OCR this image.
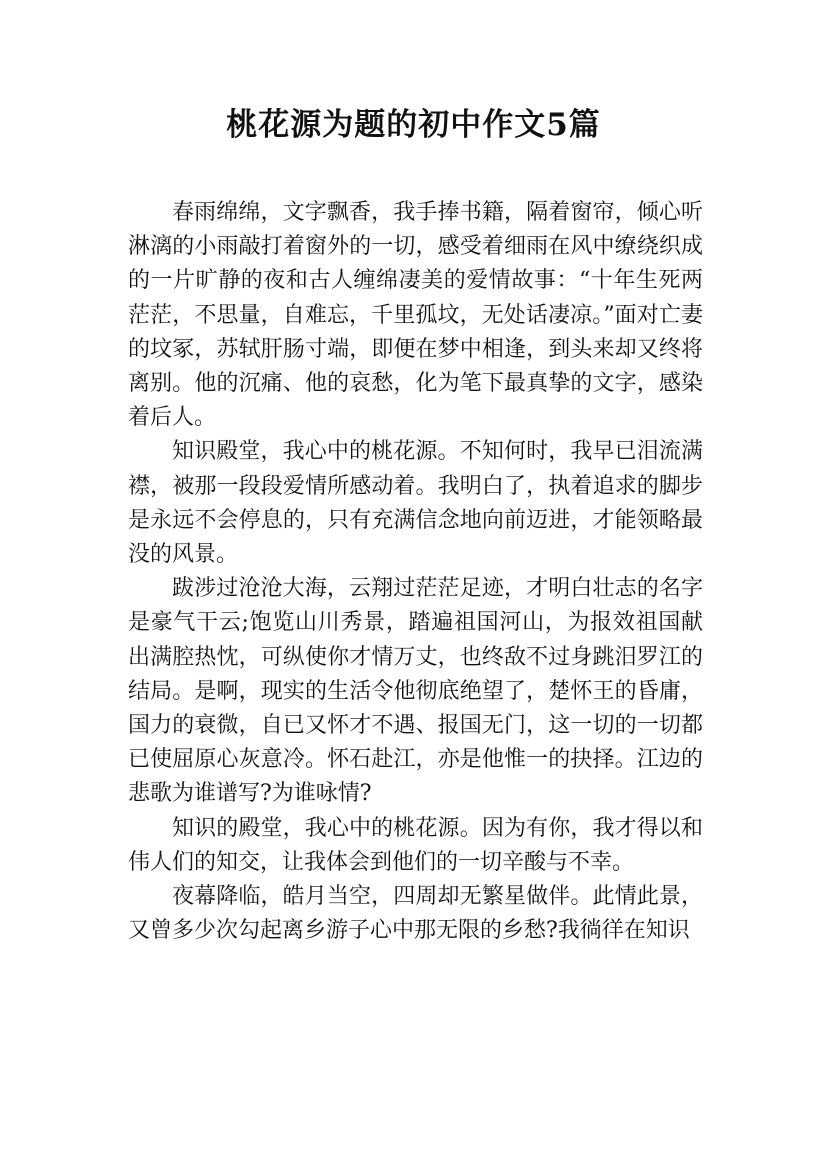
桃花源为题的初中作文5篇

春雨绵绵，文字飘香，我手捧书籍，隔着窗帘，倾心听淋漓的小雨敲打着窗外的一切，感受着细雨在风中缭绕织成的一片旷静的夜和古人缠绵凄美的爱情故事：“十年生死两茫茫，不思量，自难忘，千里孤坟，无处话凄凉。”面对亡妻的坟冢，苏轼肝肠寸端，即便在梦中相逢，到头来却又终将离别。他的沉痛、他的哀愁，化为笔下最真挚的文字，感染着后人。

知识殿堂，我心中的桃花源。不知何时，我早已泪流满襟，被那一段段爱情所感动着。我明白了，执着追求的脚步是永远不会停息的，只有充满信念地向前迈进，才能领略最没的风景。

跋涉过沧沧大海，云翔过茫茫足迹，才明白壮志的名字是豪气干云;饱览山川秀景，踏遍祖国河山，为报效祖国献出满腔热忱，可纵使你才情万丈，也终敌不过身跳汨罗江的结局。是啊，现实的生活令他彻底绝望了，楚怀王的昏庸，国力的衰微，自已又怀才不遇、报国无门，这一切的一切都已使屈原心灰意冷。怀石赴江，亦是他惟一的抉择。江边的悲歌为谁谱写?为谁咏情?

知识的殿堂，我心中的桃花源。因为有你，我才得以和伟人们的知交，让我体会到他们的一切辛酸与不幸。

夜幕降临，皓月当空，四周却无繁星做伴。此情此景，又曾多少次勾起离乡游子心中那无限的乡愁?我徜徉在知识
